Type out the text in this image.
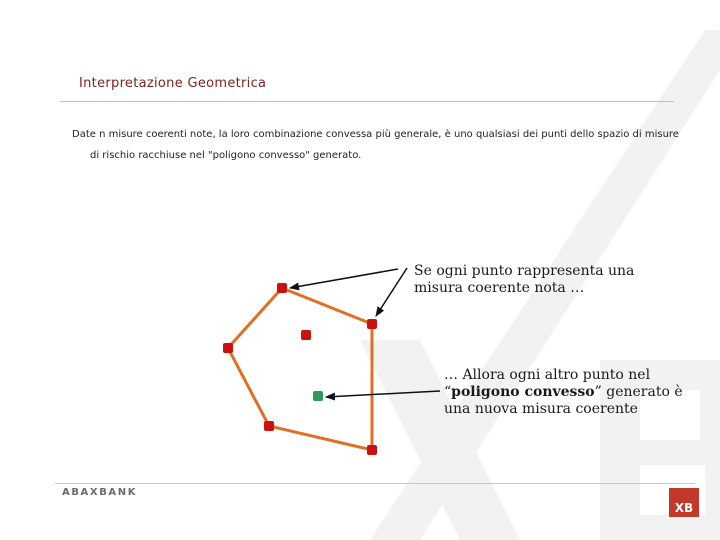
Interpretazione Geometrica
Date n misure coerenti note, la loro combinazione convessa più generale, è uno qualsiasi dei punti dello spazio di misure di rischio racchiuse nel "poligono convesso" generato.
Se ogni punto rappresenta una misura coerente nota …
… Allora ogni altro punto nel “poligono convesso” generato è una nuova misura coerente
ABAXBANK
XB
